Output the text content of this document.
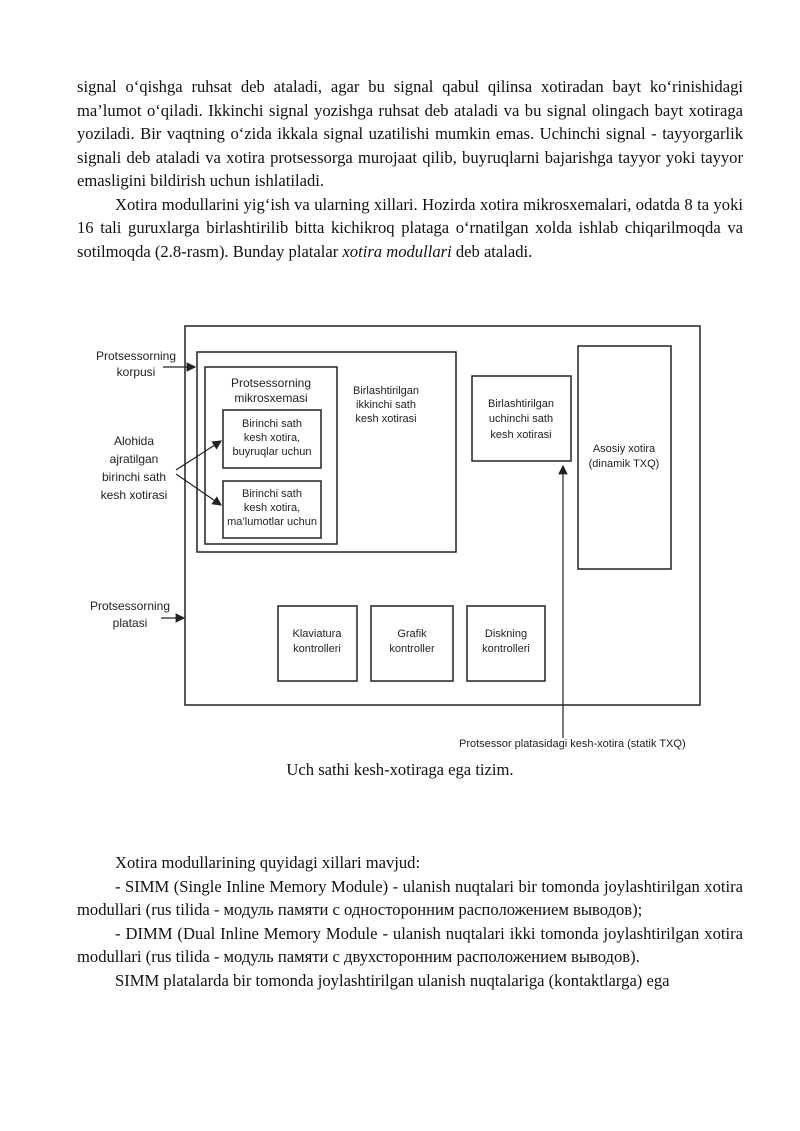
signal o‘qishga ruhsat deb ataladi, agar bu signal qabul qilinsa xotiradan bayt ko‘rinishidagi ma’lumot o‘qiladi. Ikkinchi signal yozishga ruhsat deb ataladi va bu signal olingach bayt xotiraga yoziladi. Bir vaqtning o‘zida ikkala signal uzatilishi mumkin emas. Uchinchi signal - tayyorgarlik signali deb ataladi va xotira protsessorga murojaat qilib, buyruqlarni bajarishga tayyor yoki tayyor emasligini bildirish uchun ishlatiladi.

Xotira modullarini yig‘ish va ularning xillari. Hozirda xotira mikrosxemalari, odatda 8 ta yoki 16 tali guruxlarga birlashtirilib bitta kichikroq plataga o‘rnatilgan xolda ishlab chiqarilmoqda va sotilmoqda (2.8-rasm). Bunday platalar xotira modullari deb ataladi.

Protsessorning mikrosxemasi
Birinchi sath kesh xotira, buyruqlar uchun
Birinchi sath kesh xotira, ma’lumotlar uchun
Birlashtirilgan ikkinchi sath kesh xotirasi
Birlashtirilgan uchinchi sath kesh xotirasi
Asosiy xotira (dinamik TXQ)
Klaviatura kontrolleri
Grafik kontroller
Diskning kontrolleri
Protsessorning korpusi
Alohida ajratilgan birinchi sath kesh xotirasi
Protsessorning platasi
Protsessor platasidagi kesh-xotira (statik TXQ)
Uch sathi kesh-xotiraga ega tizim.

Xotira modullarining quyidagi xillari mavjud:

- SIMM (Single Inline Memory Module) - ulanish nuqtalari bir tomonda joylashtirilgan xotira modullari (rus tilida - модуль памяти с односторонним расположением выводов);

- DIMM (Dual Inline Memory Module - ulanish nuqtalari ikki tomonda joylashtirilgan xotira modullari (rus tilida - модуль памяти с двухсторонним расположением выводов).

SIMM platalarda bir tomonda joylashtirilgan ulanish nuqtalariga (kontaktlarga) ega
